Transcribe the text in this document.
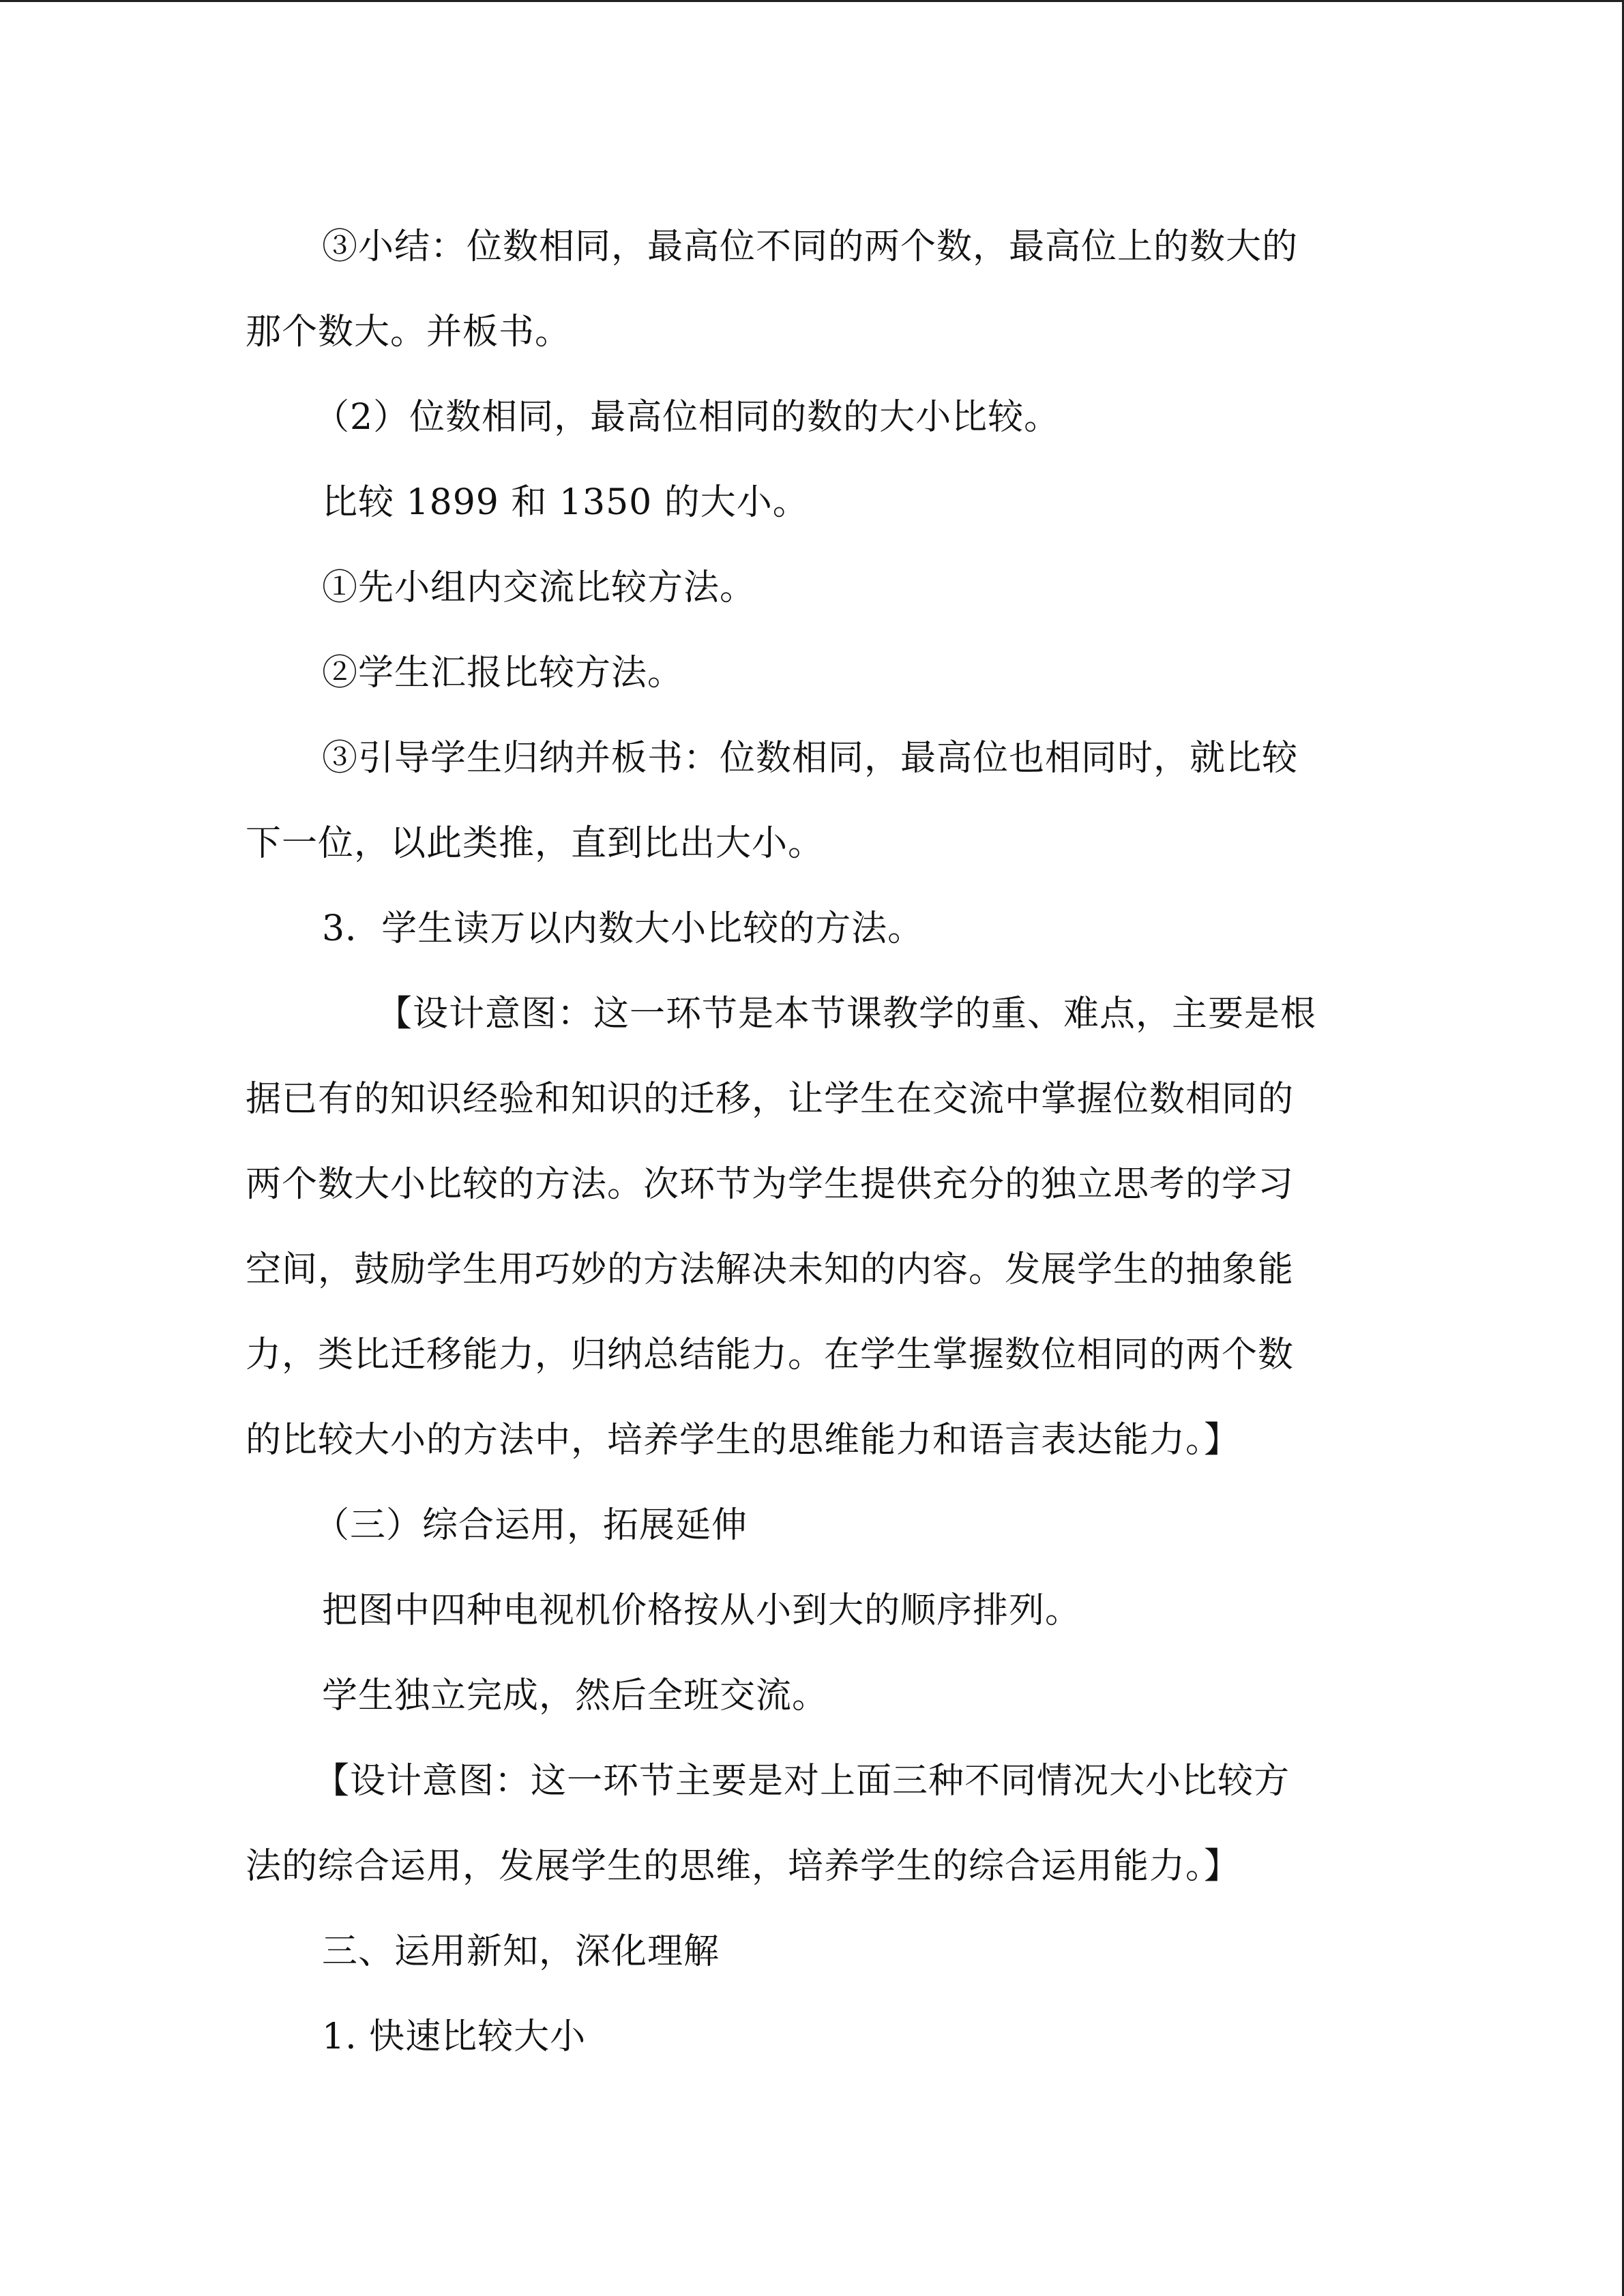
③小结：位数相同，最高位不同的两个数，最高位上的数大的
那个数大。并板书。
（2）位数相同，最高位相同的数的大小比较。
比较 1899 和 1350 的大小。
①先小组内交流比较方法。
②学生汇报比较方法。
③引导学生归纳并板书：位数相同，最高位也相同时，就比较
下一位，以此类推，直到比出大小。
3．学生读万以内数大小比较的方法。
【设计意图：这一环节是本节课教学的重、难点，主要是根
据已有的知识经验和知识的迁移，让学生在交流中掌握位数相同的
两个数大小比较的方法。次环节为学生提供充分的独立思考的学习
空间，鼓励学生用巧妙的方法解决未知的内容。发展学生的抽象能
力，类比迁移能力，归纳总结能力。在学生掌握数位相同的两个数
的比较大小的方法中，培养学生的思维能力和语言表达能力。】
（三）综合运用，拓展延伸
把图中四种电视机价格按从小到大的顺序排列。
学生独立完成，然后全班交流。
【设计意图：这一环节主要是对上面三种不同情况大小比较方
法的综合运用，发展学生的思维，培养学生的综合运用能力。】
三、运用新知，深化理解
1. 快速比较大小
